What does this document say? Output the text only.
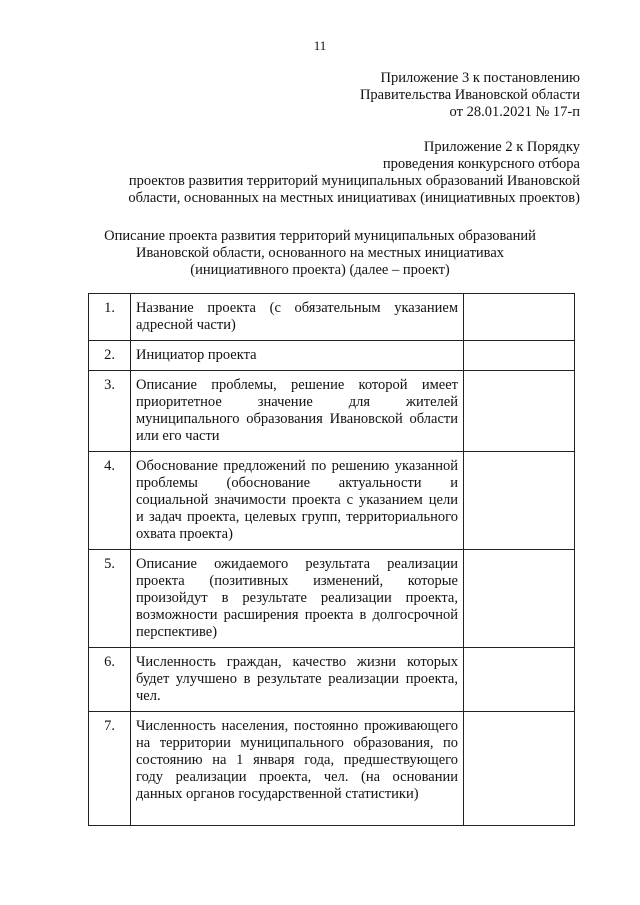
11
Приложение 3 к постановлению
Правительства Ивановской области
от 28.01.2021 № 17-п
Приложение 2 к Порядку
проведения конкурсного отбора
проектов развития территорий муниципальных образований Ивановской
области, основанных на местных инициативах (инициативных проектов)
Описание проекта развития территорий муниципальных образований
Ивановской области, основанного на местных инициативах
(инициативного проекта) (далее – проект)
1.	Название проекта (с обязательным указанием
адресной части)	

2.	Инициатор проекта	

3.	Описание проблемы, решение которой имеет
приоритетное значение для жителей
муниципального образования Ивановской области
или его части	

4.	Обоснование предложений по решению указанной
проблемы (обоснование актуальности и
социальной значимости проекта с указанием цели
и задач проекта, целевых групп, территориального
охвата проекта)	

5.	Описание ожидаемого результата реализации
проекта (позитивных изменений, которые
произойдут в результате реализации проекта,
возможности расширения проекта в долгосрочной
перспективе)	

6.	Численность граждан, качество жизни которых
будет улучшено в результате реализации проекта,
чел.	

7.	Численность населения, постоянно проживающего
на территории муниципального образования, по
состоянию на 1 января года, предшествующего
году реализации проекта, чел. (на основании
данных органов государственной статистики)	
